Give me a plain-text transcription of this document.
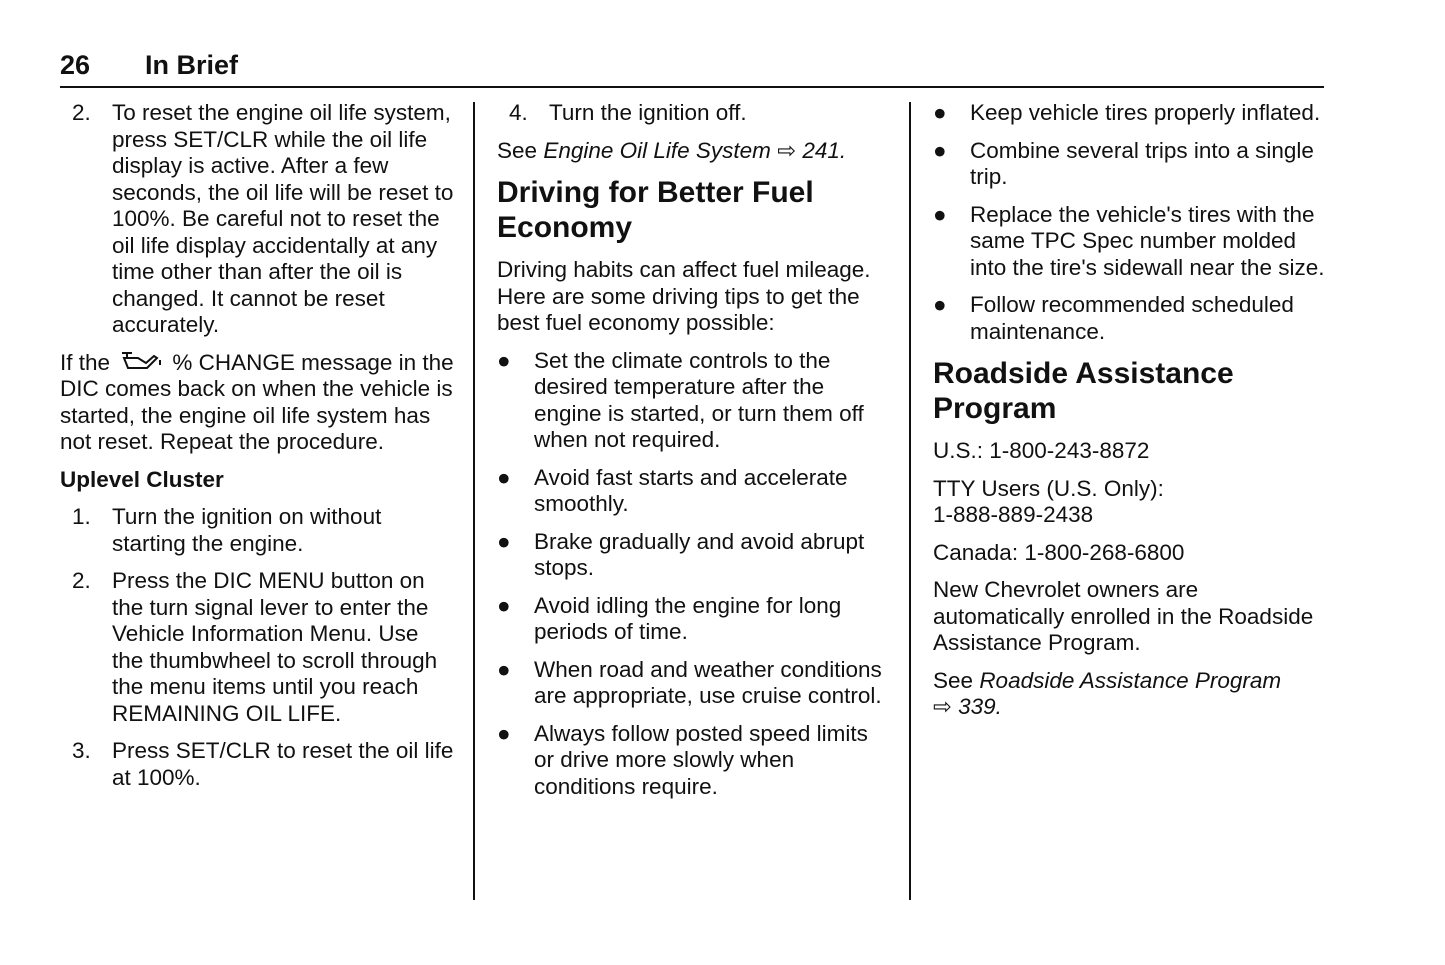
26 In Brief
2. To reset the engine oil life system, press SET/CLR while the oil life display is active. After a few seconds, the oil life will be reset to 100%. Be careful not to reset the oil life display accidentally at any time other than after the oil is changed. It cannot be reset accurately.

If the	% CHANGE message in the DIC comes back on when the vehicle is started, the engine oil life system has not reset. Repeat the procedure.

Uplevel Cluster
1. Turn the ignition on without starting the engine.
2. Press the DIC MENU button on the turn signal lever to enter the Vehicle Information Menu. Use the thumbwheel to scroll through the menu items until you reach REMAINING OIL LIFE.
3. Press SET/CLR to reset the oil life at 100%.
4. Turn the ignition off.

See Engine Oil Life System ⇨ 241.

Driving for Better Fuel Economy

Driving habits can affect fuel mileage. Here are some driving tips to get the best fuel economy possible:

●	Set the climate controls to the desired temperature after the engine is started, or turn them off when not required.
●	Avoid fast starts and accelerate smoothly.
●	Brake gradually and avoid abrupt stops.
●	Avoid idling the engine for long periods of time.
●	When road and weather conditions are appropriate, use cruise control.
●	Always follow posted speed limits or drive more slowly when conditions require.
●	Keep vehicle tires properly inflated.
●	Combine several trips into a single trip.
●	Replace the vehicle's tires with the same TPC Spec number molded into the tire's sidewall near the size.
●	Follow recommended scheduled maintenance.
Roadside Assistance Program

U.S.: 1-800-243-8872

TTY Users (U.S. Only):
1-888-889-2438

Canada: 1-800-268-6800

New Chevrolet owners are automatically enrolled in the Roadside Assistance Program.

See Roadside Assistance Program
⇨ 339.
